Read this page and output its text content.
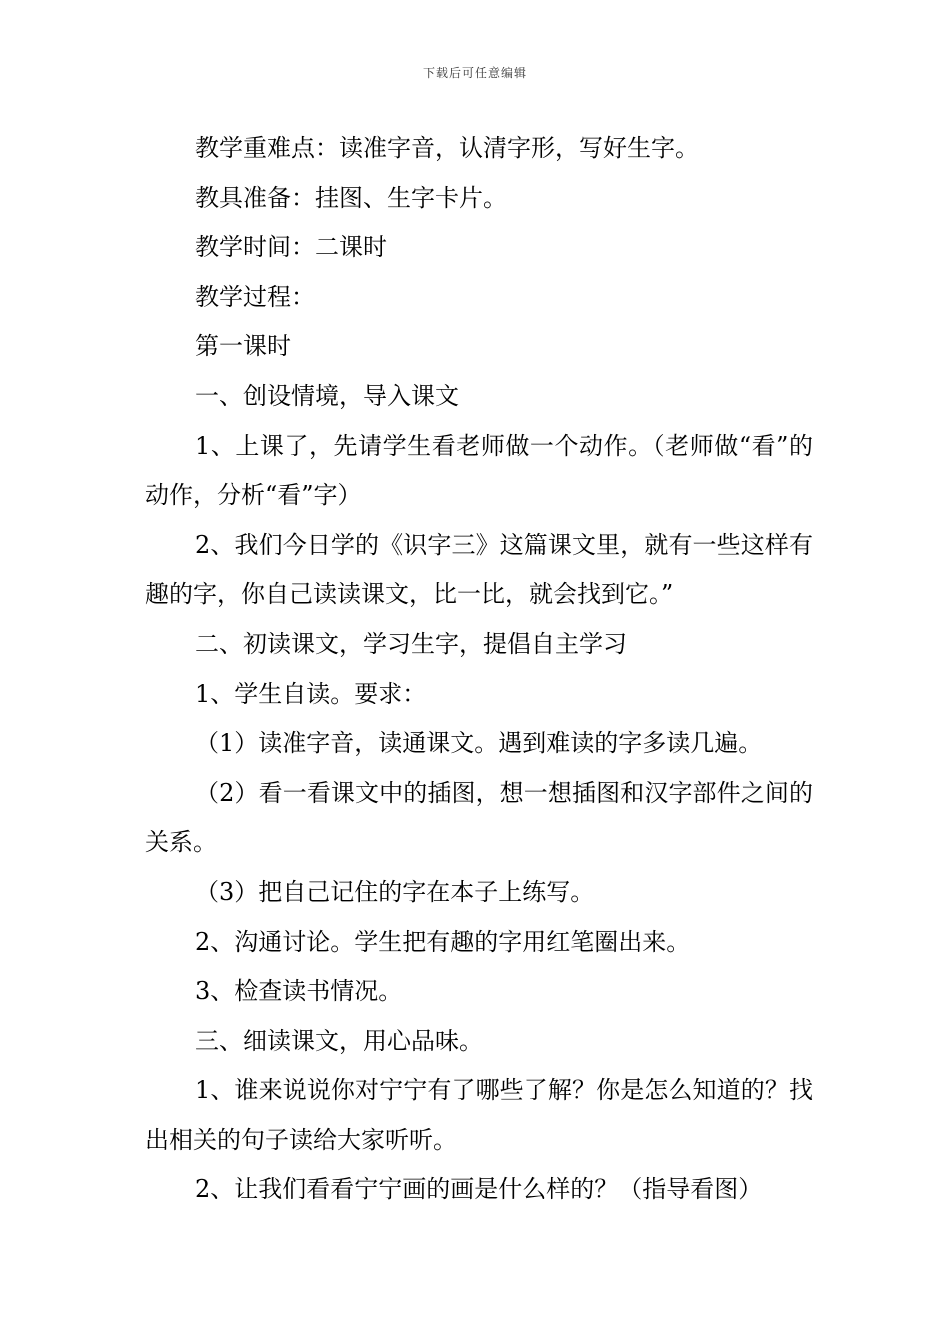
下载后可任意编辑

教学重难点：读准字音，认清字形，写好生字。

教具准备：挂图、生字卡片。

教学时间：二课时

教学过程：

第一课时

一、创设情境，导入课文

1、上课了，先请学生看老师做一个动作。（老师做“看”的动作，分析“看”字）

2、我们今日学的《识字三》这篇课文里，就有一些这样有趣的字，你自己读读课文，比一比，就会找到它。”

二、初读课文，学习生字，提倡自主学习

1、学生自读。要求：

（1）读准字音，读通课文。遇到难读的字多读几遍。

（2）看一看课文中的插图，想一想插图和汉字部件之间的关系。

（3）把自己记住的字在本子上练写。

2、沟通讨论。学生把有趣的字用红笔圈出来。

3、检查读书情况。

三、细读课文，用心品味。

1、谁来说说你对宁宁有了哪些了解？你是怎么知道的？找出相关的句子读给大家听听。

2、让我们看看宁宁画的画是什么样的？（指导看图）
